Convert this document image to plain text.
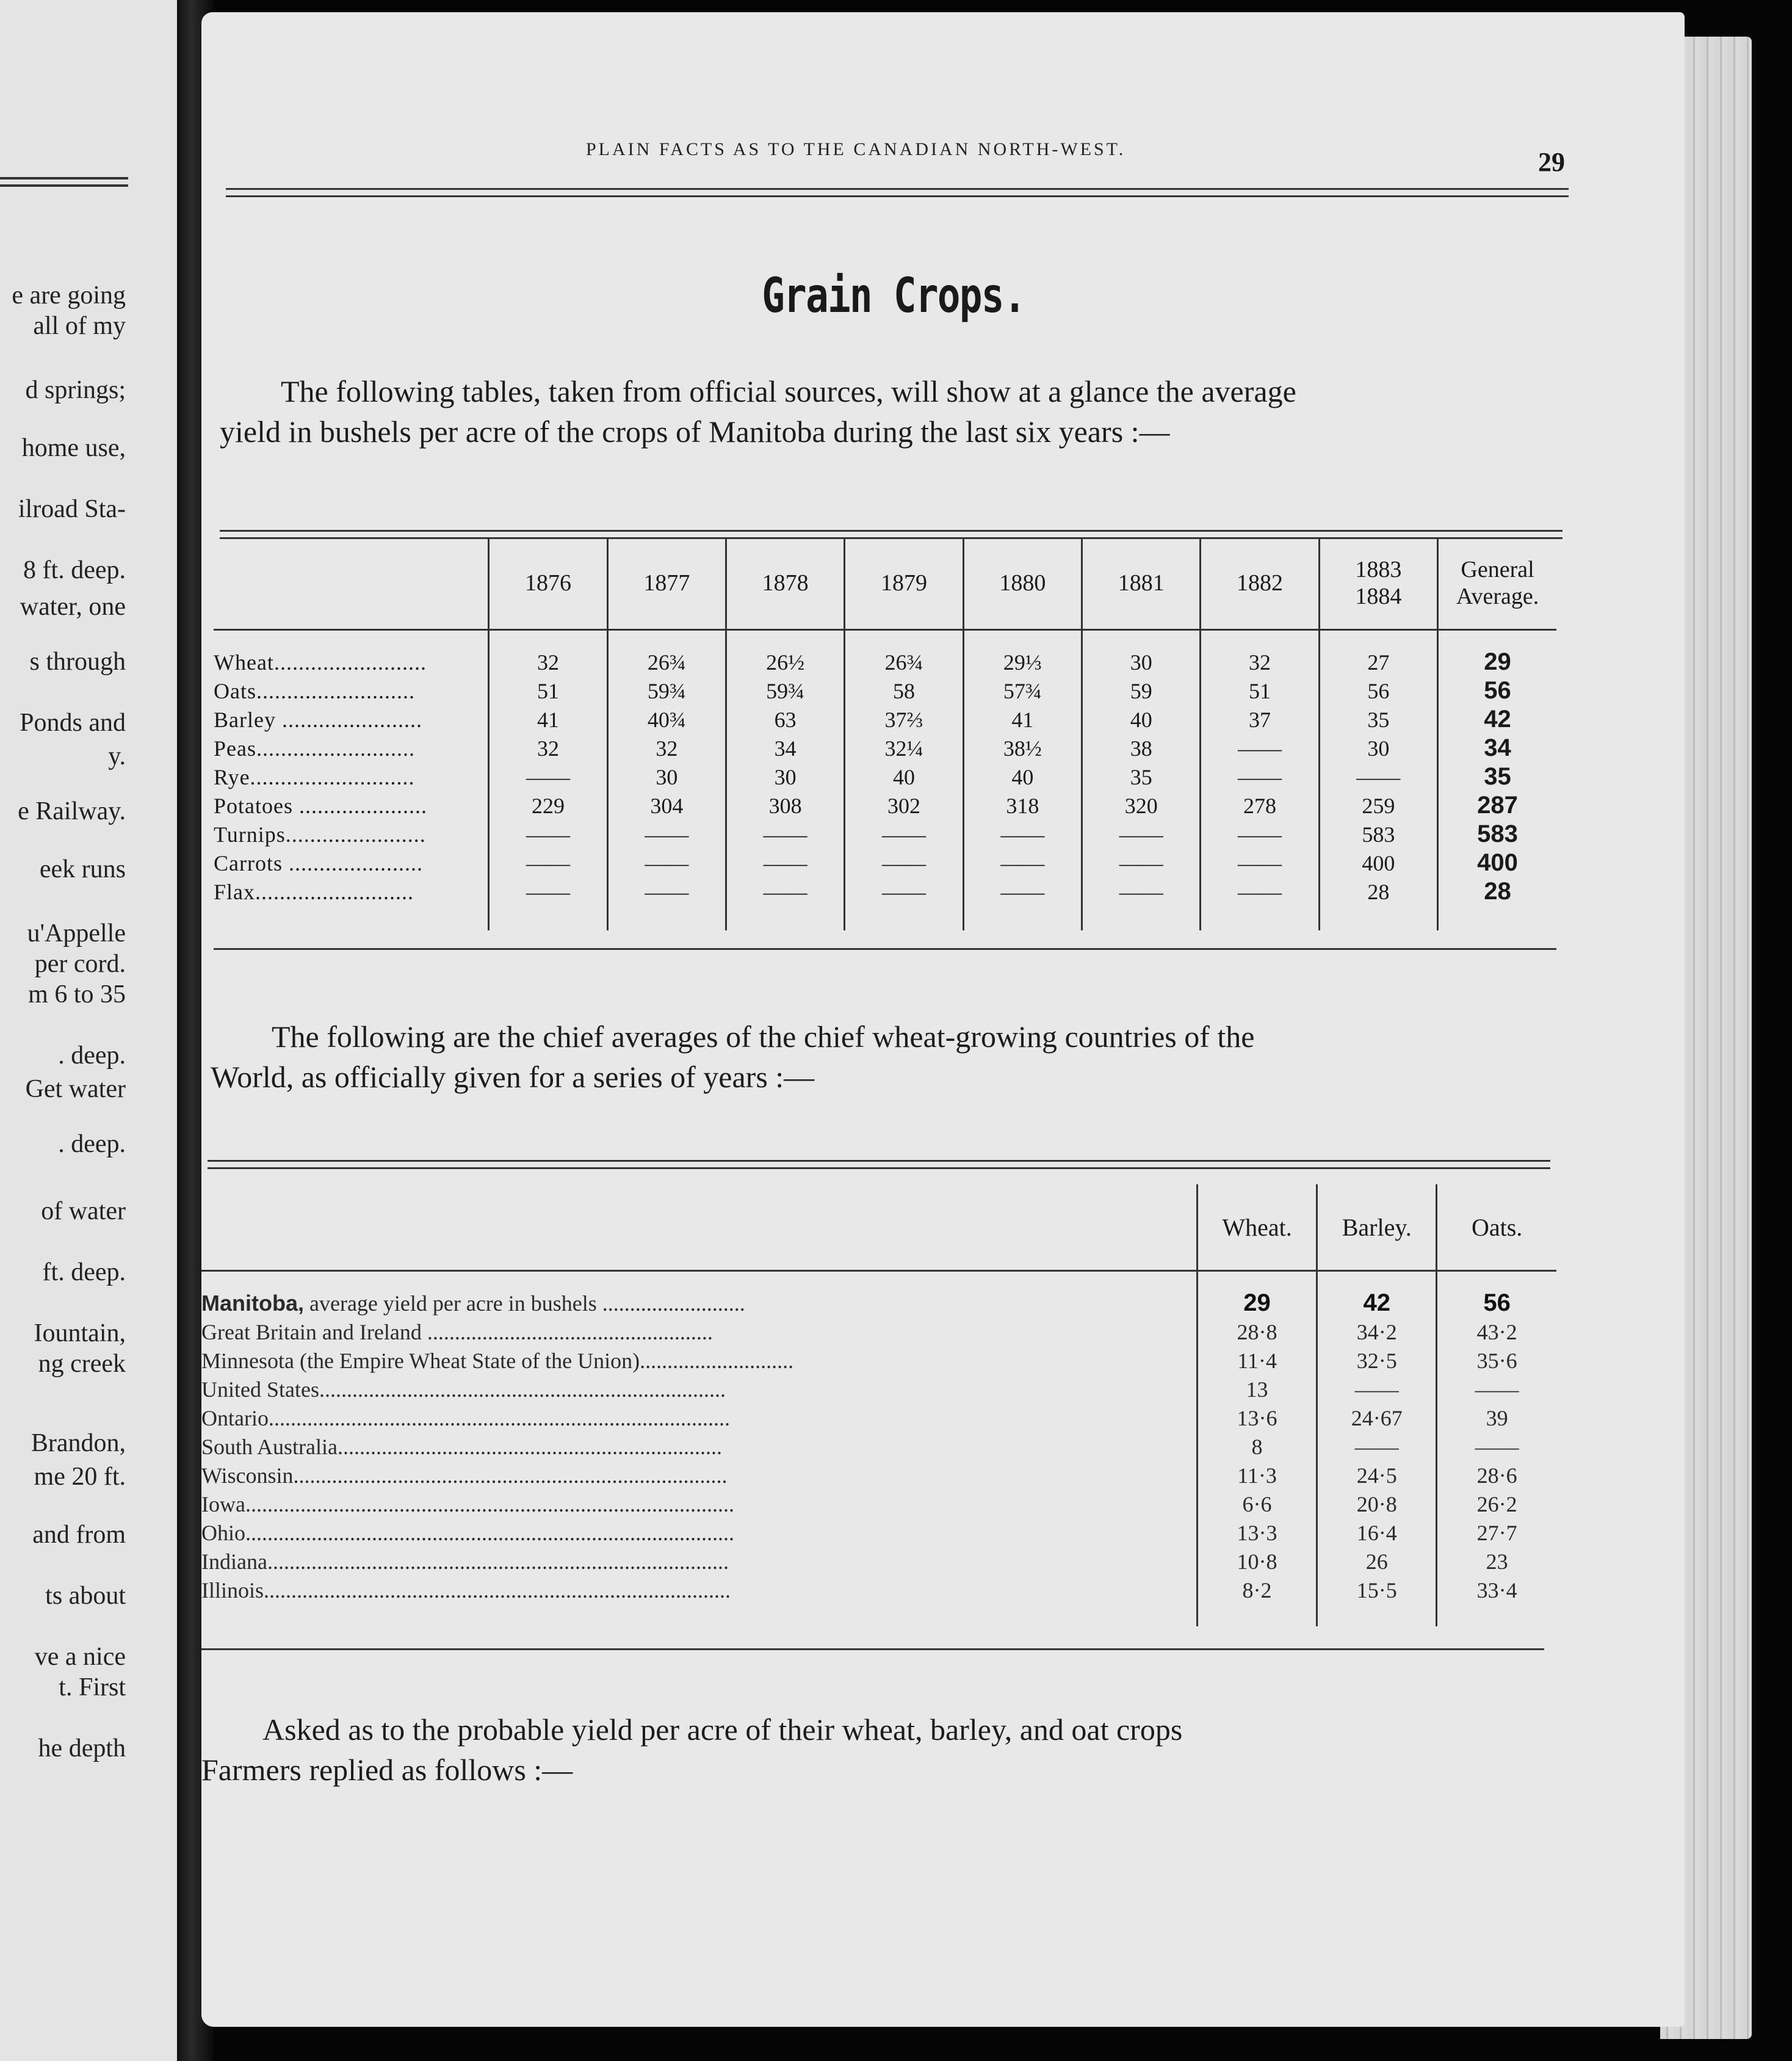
e are going
all of my
d springs;
home use,
ilroad Sta-
8 ft. deep.
water, one
s through
Ponds and
y.
e Railway.
eek runs
u'Appelle
per cord.
m 6 to 35
. deep.
Get water
. deep.
of water
ft. deep.
Iountain,
ng creek
Brandon,
me 20 ft.
and from
ts about
ve a nice
t. First
he depth
PLAIN FACTS AS TO THE CANADIAN NORTH-WEST.	29
Grain Crops.
The following tables, taken from official sources, will show at a glance the average
yield in bushels per acre of the crops of Manitoba during the last six years :—
	1876	1877	1878	1879	1880	1881	1882	1883
1884	General
Average.
Wheat.........................	32	26¾	26½	26¾	29⅓	30	32	27	29
Oats..........................	51	59¾	59¾	58	57¾	59	51	56	56
Barley .......................	41	40¾	63	37⅔	41	40	37	35	42
Peas..........................	32	32	34	32¼	38½	38	——	30	34
Rye...........................	——	30	30	40	40	35	——	——	35
Potatoes .....................	229	304	308	302	318	320	278	259	287
Turnips.......................	——	——	——	——	——	——	——	583	583
Carrots ......................	——	——	——	——	——	——	——	400	400
Flax..........................	——	——	——	——	——	——	——	28	28
The following are the chief averages of the chief wheat-growing countries of the
World, as officially given for a series of years :—
	Wheat.	Barley.	Oats.
Manitoba, average yield per acre in bushels ..........................	29	42	56
Great Britain and Ireland ....................................................	28·8	34·2	43·2
Minnesota (the Empire Wheat State of the Union)............................	11·4	32·5	35·6
United States..........................................................................	13	——	——
Ontario....................................................................................	13·6	24·67	39
South Australia......................................................................	8	——	——
Wisconsin...............................................................................	11·3	24·5	28·6
Iowa.........................................................................................	6·6	20·8	26·2
Ohio.........................................................................................	13·3	16·4	27·7
Indiana....................................................................................	10·8	26	23
Illinois.....................................................................................	8·2	15·5	33·4
Asked as to the probable yield per acre of their wheat, barley, and oat crops
Farmers replied as follows :—
